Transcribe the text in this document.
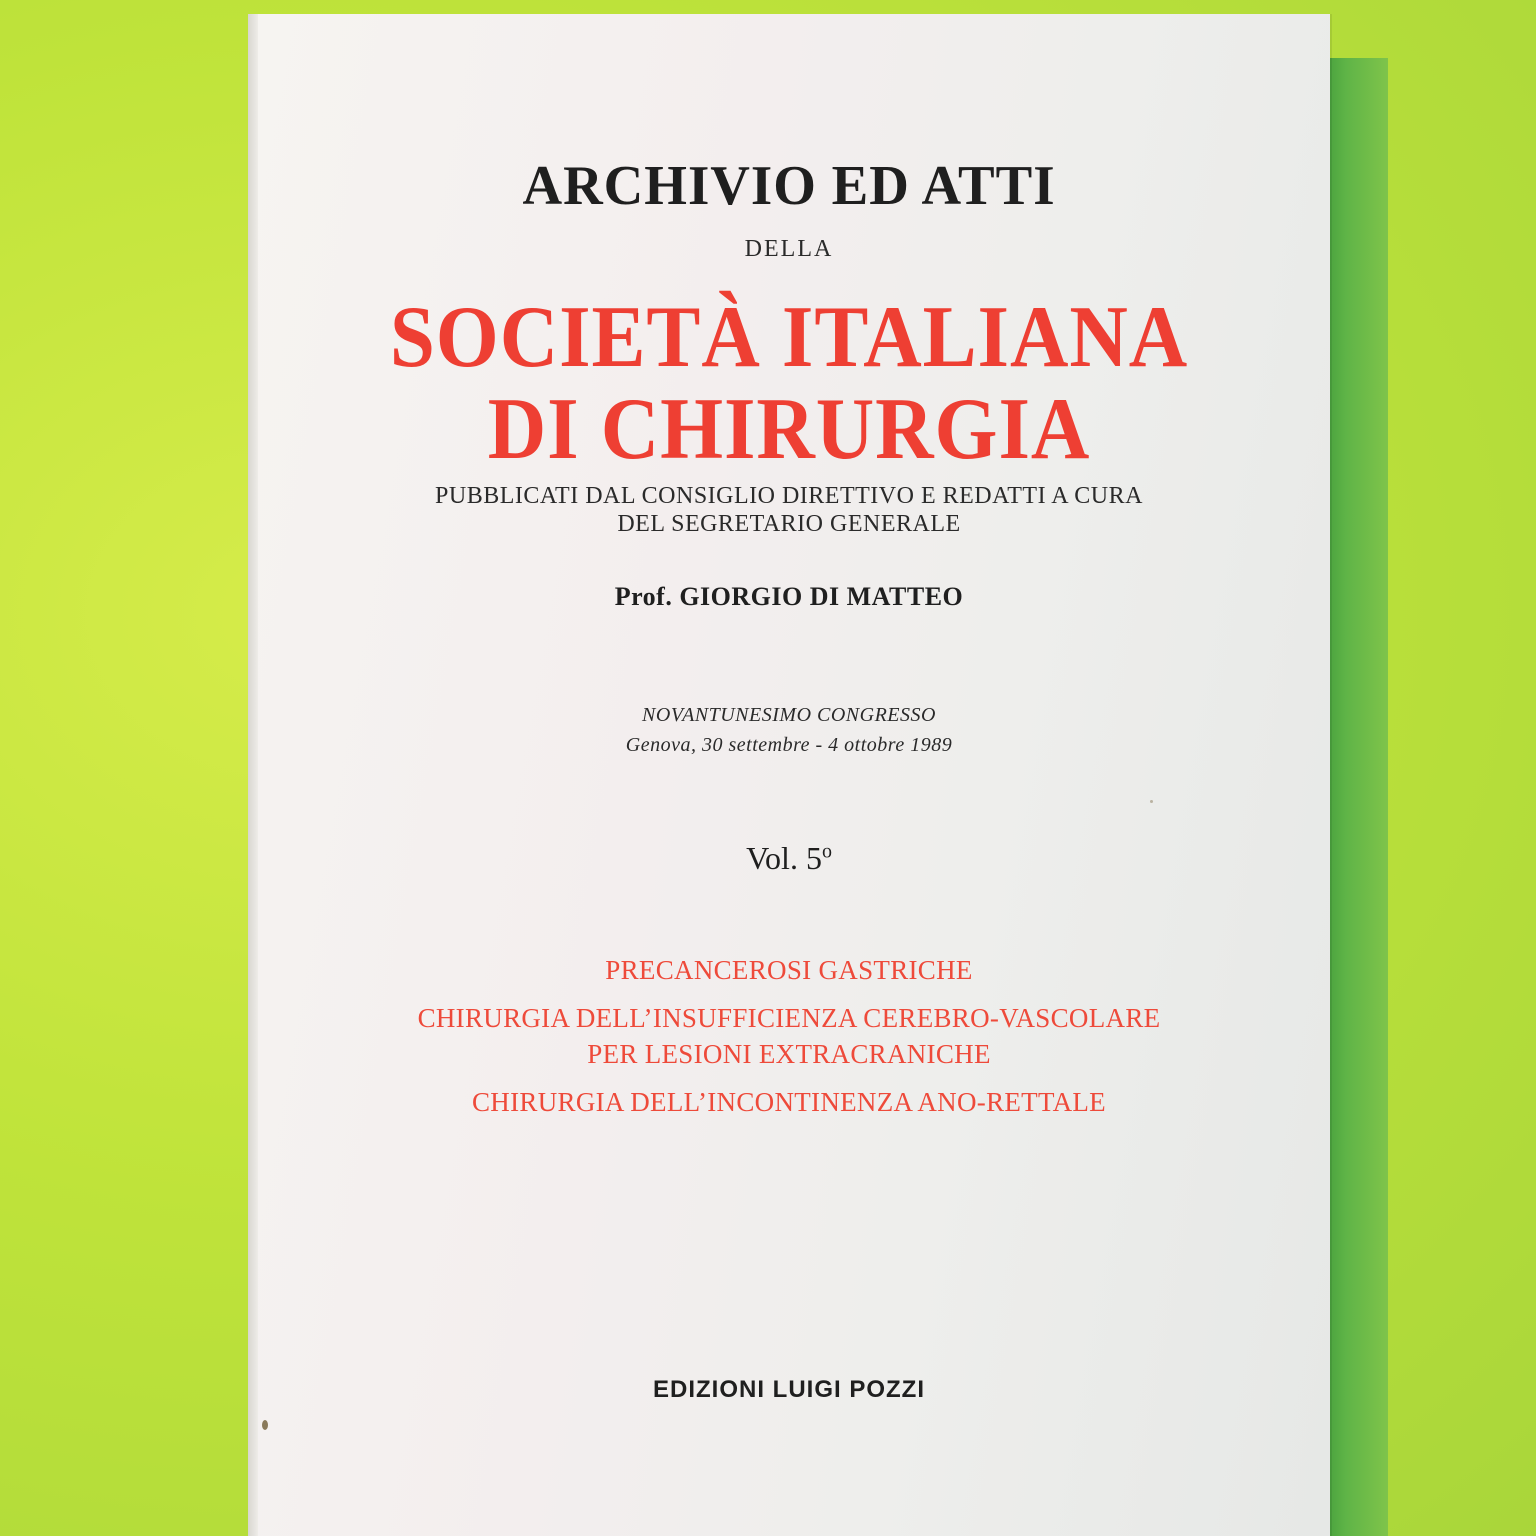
ARCHIVIO ED ATTI
DELLA
SOCIETÀ ITALIANA
DI CHIRURGIA
PUBBLICATI DAL CONSIGLIO DIRETTIVO E REDATTI A CURA
DEL SEGRETARIO GENERALE
Prof. GIORGIO DI MATTEO
NOVANTUNESIMO CONGRESSO
Genova, 30 settembre - 4 ottobre 1989
Vol. 5$^o$
PRECANCEROSI GASTRICHE
CHIRURGIA DELL’INSUFFICIENZA CEREBRO-VASCOLARE
PER LESIONI EXTRACRANICHE
CHIRURGIA DELL’INCONTINENZA ANO-RETTALE
EDIZIONI LUIGI POZZI
